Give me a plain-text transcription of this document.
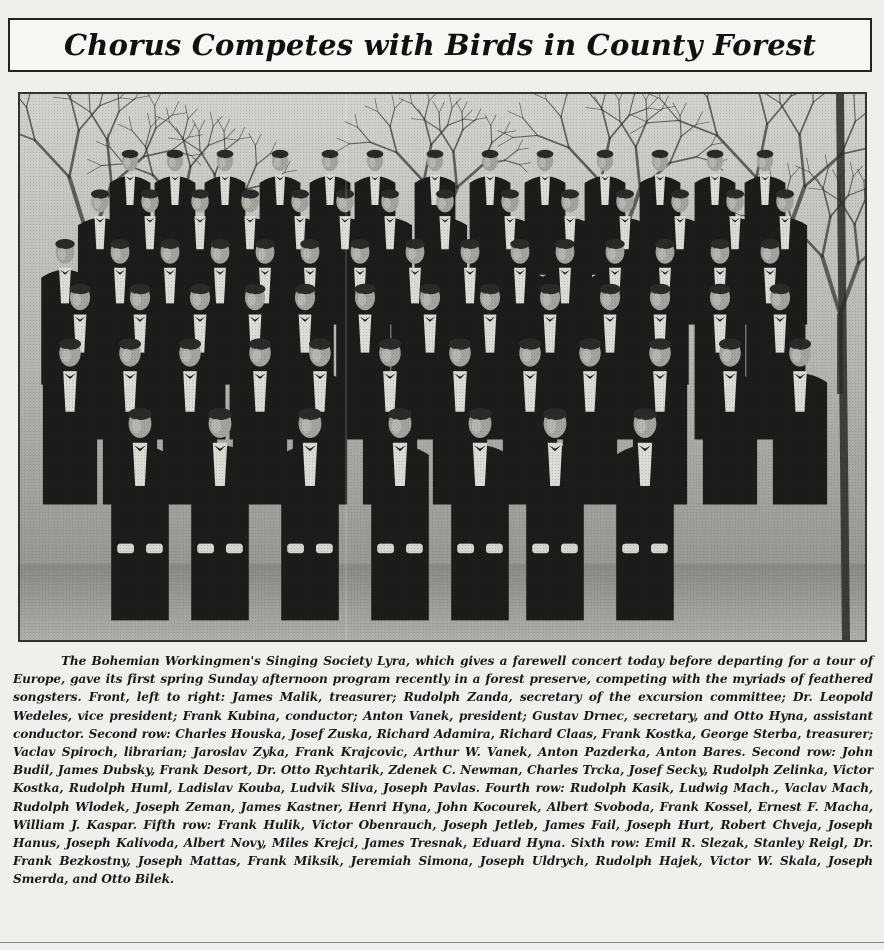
Chorus Competes with Birds in County Forest

The Bohemian Workingmen's Singing Society Lyra, which gives a farewell concert today before departing for a tour of Europe, gave its first spring Sunday afternoon program recently in a forest preserve, competing with the myriads of feathered songsters. Front, left to right: James Malik, treasurer; Rudolph Zanda, secretary of the excursion committee; Dr. Leopold Wedeles, vice president; Frank Kubina, conductor; Anton Vanek, president; Gustav Drnec, secretary, and Otto Hyna, assistant conductor. Second row: Charles Houska, Josef Zuska, Richard Adamira, Richard Claas, Frank Kostka, George Sterba, treasurer; Vaclav Spiroch, librarian; Jaroslav Zyka, Frank Krajcovic, Arthur W. Vanek, Anton Pazderka, Anton Bares. Second row: John Budil, James Dubsky, Frank Desort, Dr. Otto Rychtarik, Zdenek C. Newman, Charles Trcka, Josef Secky, Rudolph Zelinka, Victor Kostka, Rudolph Huml, Ladislav Kouba, Ludvik Sliva, Joseph Pavlas. Fourth row: Rudolph Kasik, Ludwig Mach., Vaclav Mach, Rudolph Wlodek, Joseph Zeman, James Kastner, Henri Hyna, John Kocourek, Albert Svoboda, Frank Kossel, Ernest F. Macha, William J. Kaspar. Fifth row: Frank Hulik, Victor Obenrauch, Joseph Jetleb, James Fail, Joseph Hurt, Robert Chveja, Joseph Hanus, Joseph Kalivoda, Albert Novy, Miles Krejci, James Tresnak, Eduard Hyna. Sixth row: Emil R. Slezak, Stanley Reigl, Dr. Frank Bezkostny, Joseph Mattas, Frank Miksik, Jeremiah Simona, Joseph Uldrych, Rudolph Hajek, Victor W. Skala, Joseph Smerda, and Otto Bilek.
